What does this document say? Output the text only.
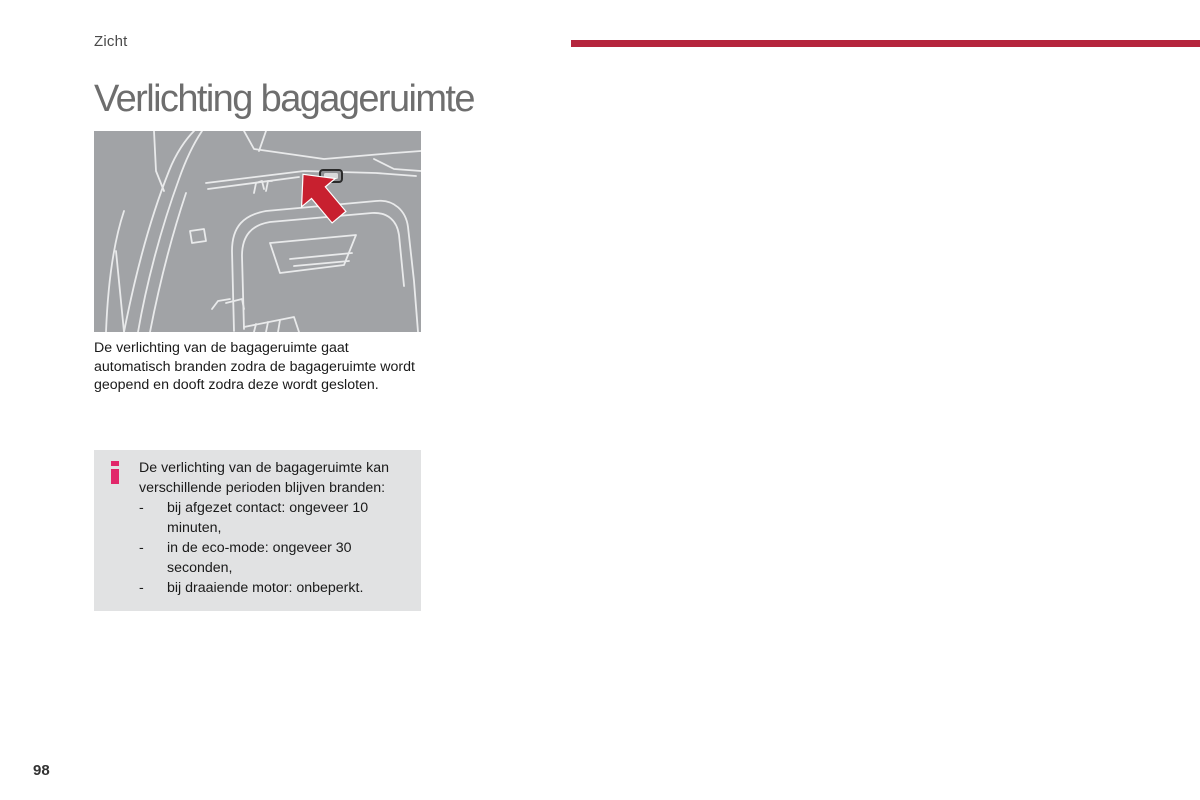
Zicht
Verlichting bagageruimte

De verlichting van de bagageruimte gaat automatisch branden zodra de bagageruimte wordt geopend en dooft zodra deze wordt gesloten.

De verlichting van de bagageruimte kan verschillende perioden blijven branden:

- bij afgezet contact: ongeveer 10 minuten,
- in de eco-mode: ongeveer 30 seconden,
- bij draaiende motor: onbeperkt.
98
